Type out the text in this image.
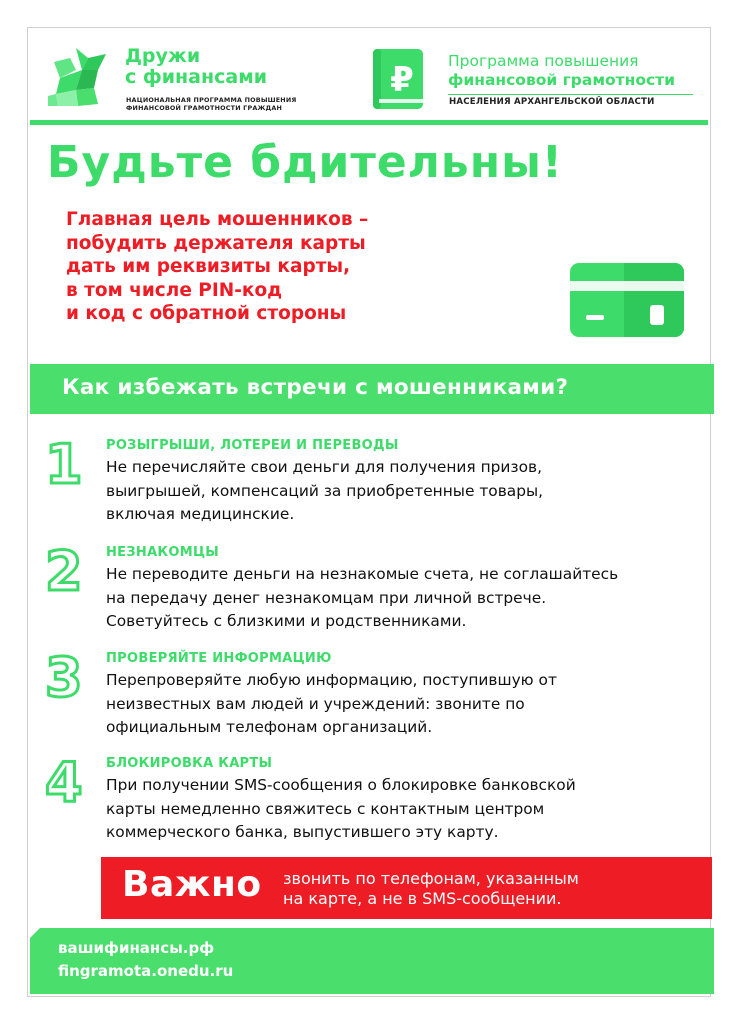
Дружи
с финансами
НАЦИОНАЛЬНАЯ ПРОГРАММА ПОВЫШЕНИЯ
ФИНАНСОВОЙ ГРАМОТНОСТИ ГРАЖДАН
₽ Программа повышения
финансовой грамотности
НАСЕЛЕНИЯ АРХАНГЕЛЬСКОЙ ОБЛАСТИ
Будьте бдительны!
Главная цель мошенников –
побудить держателя карты
дать им реквизиты карты,
в том числе PIN-код
и код с обратной стороны
Как избежать встречи с мошенниками?
1	РОЗЫГРЫШИ, ЛОТЕРЕИ И ПЕРЕВОДЫ
Не перечисляйте свои деньги для получения призов,
выигрышей, компенсаций за приобретенные товары,
включая медицинские.
2	НЕЗНАКОМЦЫ
Не переводите деньги на незнакомые счета, не соглашайтесь
на передачу денег незнакомцам при личной встрече.
Советуйтесь с близкими и родственниками.
3	ПРОВЕРЯЙТЕ ИНФОРМАЦИЮ
Перепроверяйте любую информацию, поступившую от
неизвестных вам людей и учреждений: звоните по
официальным телефонам организаций.
4	БЛОКИРОВКА КАРТЫ
При получении SMS-сообщения о блокировке банковской
карты немедленно свяжитесь с контактным центром
коммерческого банка, выпустившего эту карту.
Важно звонить по телефонам, указанным
на карте, а не в SMS-сообщении.
вашифинансы.рф
fingramota.onedu.ru
